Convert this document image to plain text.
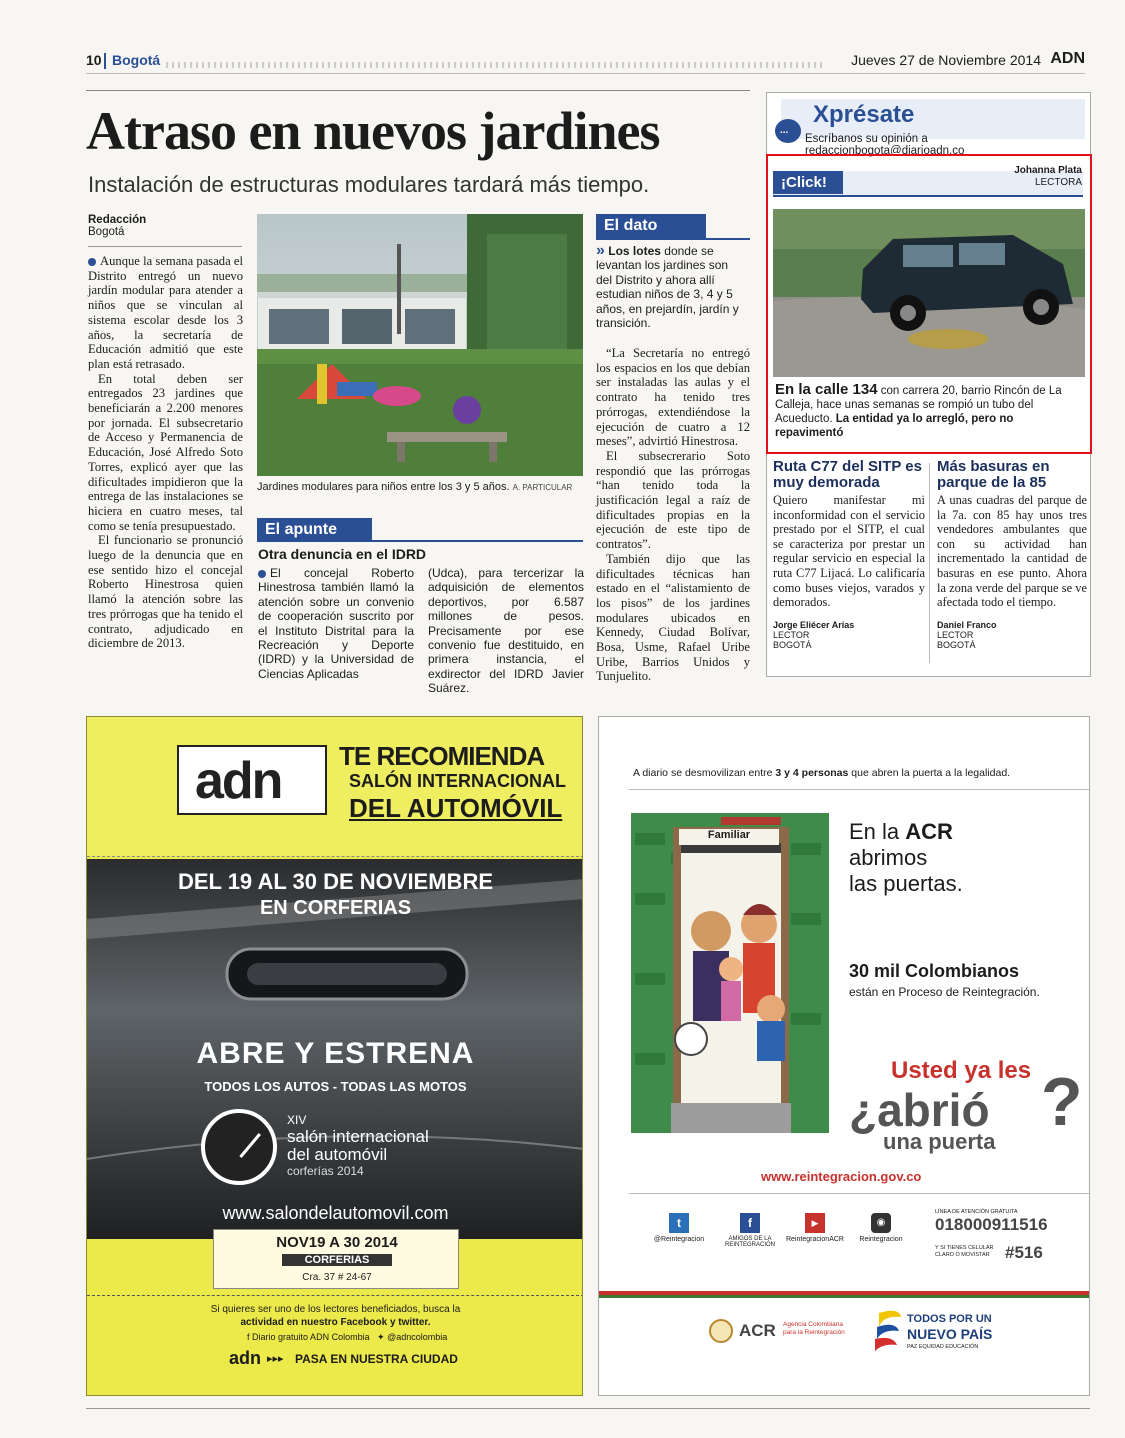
10 Bogotá	Jueves 27 de Noviembre 2014 ADN
Atraso en nuevos jardines
Instalación de estructuras modulares tardará más tiempo.
Redacción
Bogotá

Aunque la semana pasada el Distrito entregó un nuevo jardín modular para atender a niños que se vinculan al sistema escolar desde los 3 años, la secretaría de Educación admitió que este plan está retrasado.

En total deben ser entregados 23 jardines que beneficiarán a 2.200 menores por jornada. El subsecretario de Acceso y Permanencia de Educación, José Alfredo Soto Torres, explicó ayer que las dificultades impidieron que la entrega de las instalaciones se hiciera en cuatro meses, tal como se tenía presupuestado.

El funcionario se pronunció luego de la denuncia que en ese sentido hizo el concejal Roberto Hinestrosa quien llamó la atención sobre las tres prórrogas que ha tenido el contrato, adjudicado en diciembre de 2013.

Jardines modulares para niños entre los 3 y 5 años. A. PARTICULAR
El apunte
Otra denuncia en el IDRD
El concejal Roberto Hinestrosa también llamó la atención sobre un convenio de cooperación suscrito por el Instituto Distrital para la Recreación y Deporte (IDRD) y la Universidad de Ciencias Aplicadas
(Udca), para tercerizar la adquisición de elementos deportivos, por 6.587 millones de pesos. Precisamente por ese convenio fue destituido, en primera instancia, el exdirector del IDRD Javier Suárez.
El dato
» Los lotes donde se levantan los jardines son del Distrito y ahora allí estudian niños de 3, 4 y 5 años, en prejardín, jardín y transición.

“La Secretaría no entregó los espacios en los que debían ser instaladas las aulas y el contrato ha tenido tres prórrogas, extendiéndose la ejecución de cuatro a 12 meses”, advirtió Hinestrosa.

El subsecrerario Soto respondió que las prórrogas “han tenido toda la justificación legal a raíz de dificultades propias en la ejecución de este tipo de contratos”.

También dijo que las dificultades técnicas han estado en el “alistamiento de los pisos” de los jardines modulares ubicados en Kennedy, Ciudad Bolívar, Bosa, Usme, Rafael Uribe Uribe, Barrios Unidos y Tunjuelito.

...
Xprésate
Escríbanos su opinión a redaccionbogota@diarioadn.co
¡Click!
Johanna Plata
LECTORA
En la calle 134 con carrera 20, barrio Rincón de La Calleja, hace unas semanas se rompió un tubo del Acueducto. La entidad ya lo arregló, pero no repavimentó
Ruta C77 del SITP es muy demorada
Quiero manifestar mi inconformidad con el servicio prestado por el SITP, el cual se caracteriza por prestar un regular servicio en especial la ruta C77 Lijacá. Lo calificaría como buses viejos, varados y demorados.
Jorge Eliécer Arias
LECTOR
BOGOTÁ
Más basuras en parque de la 85
A unas cuadras del parque de la 7a. con 85 hay unos tres vendedores ambulantes que con su actividad han incrementado la cantidad de basuras en ese punto. Ahora la zona verde del parque se ve afectada todo el tiempo.
Daniel Franco
LECTOR
BOGOTÁ
adn TE RECOMIENDA
SALÓN INTERNACIONAL
DEL AUTOMÓVIL
DEL 19 AL 30 DE NOVIEMBRE
EN CORFERIAS
ABRE Y ESTRENA
TODOS LOS AUTOS - TODAS LAS MOTOS
XIV
salón internacional
del automóvil
corferías 2014
www.salondelautomovil.com
NOV19 A 30 2014
CORFERIAS
Cra. 37 # 24-67
Si quieres ser uno de los lectores beneficiados, busca la
actividad en nuestro Facebook y twitter.
f Diario gratuito ADN Colombia ✦ @adncolombia
adn ▸▸▸ PASA EN NUESTRA CIUDAD
A diario se desmovilizan entre 3 y 4 personas que abren la puerta a la legalidad.
Familiar	En la ACR
abrimos
las puertas.
30 mil Colombianos
están en Proceso de Reintegración.
Usted ya les
¿abrió
una puerta
?
www.reintegracion.gov.co
t
@Reintegracion
f
AMIGOS DE LA REINTEGRACIÓN
▶
ReintegracionACR
◉
Reintegracion
LÍNEA DE ATENCIÓN GRATUITA
018000911516
Y SI TIENES CELULAR CLARO O MOVISTAR #516
ACR Agencia Colombiana para la Reintegración
TODOS POR UN
NUEVO PAÍS
PAZ EQUIDAD EDUCACIÓN
